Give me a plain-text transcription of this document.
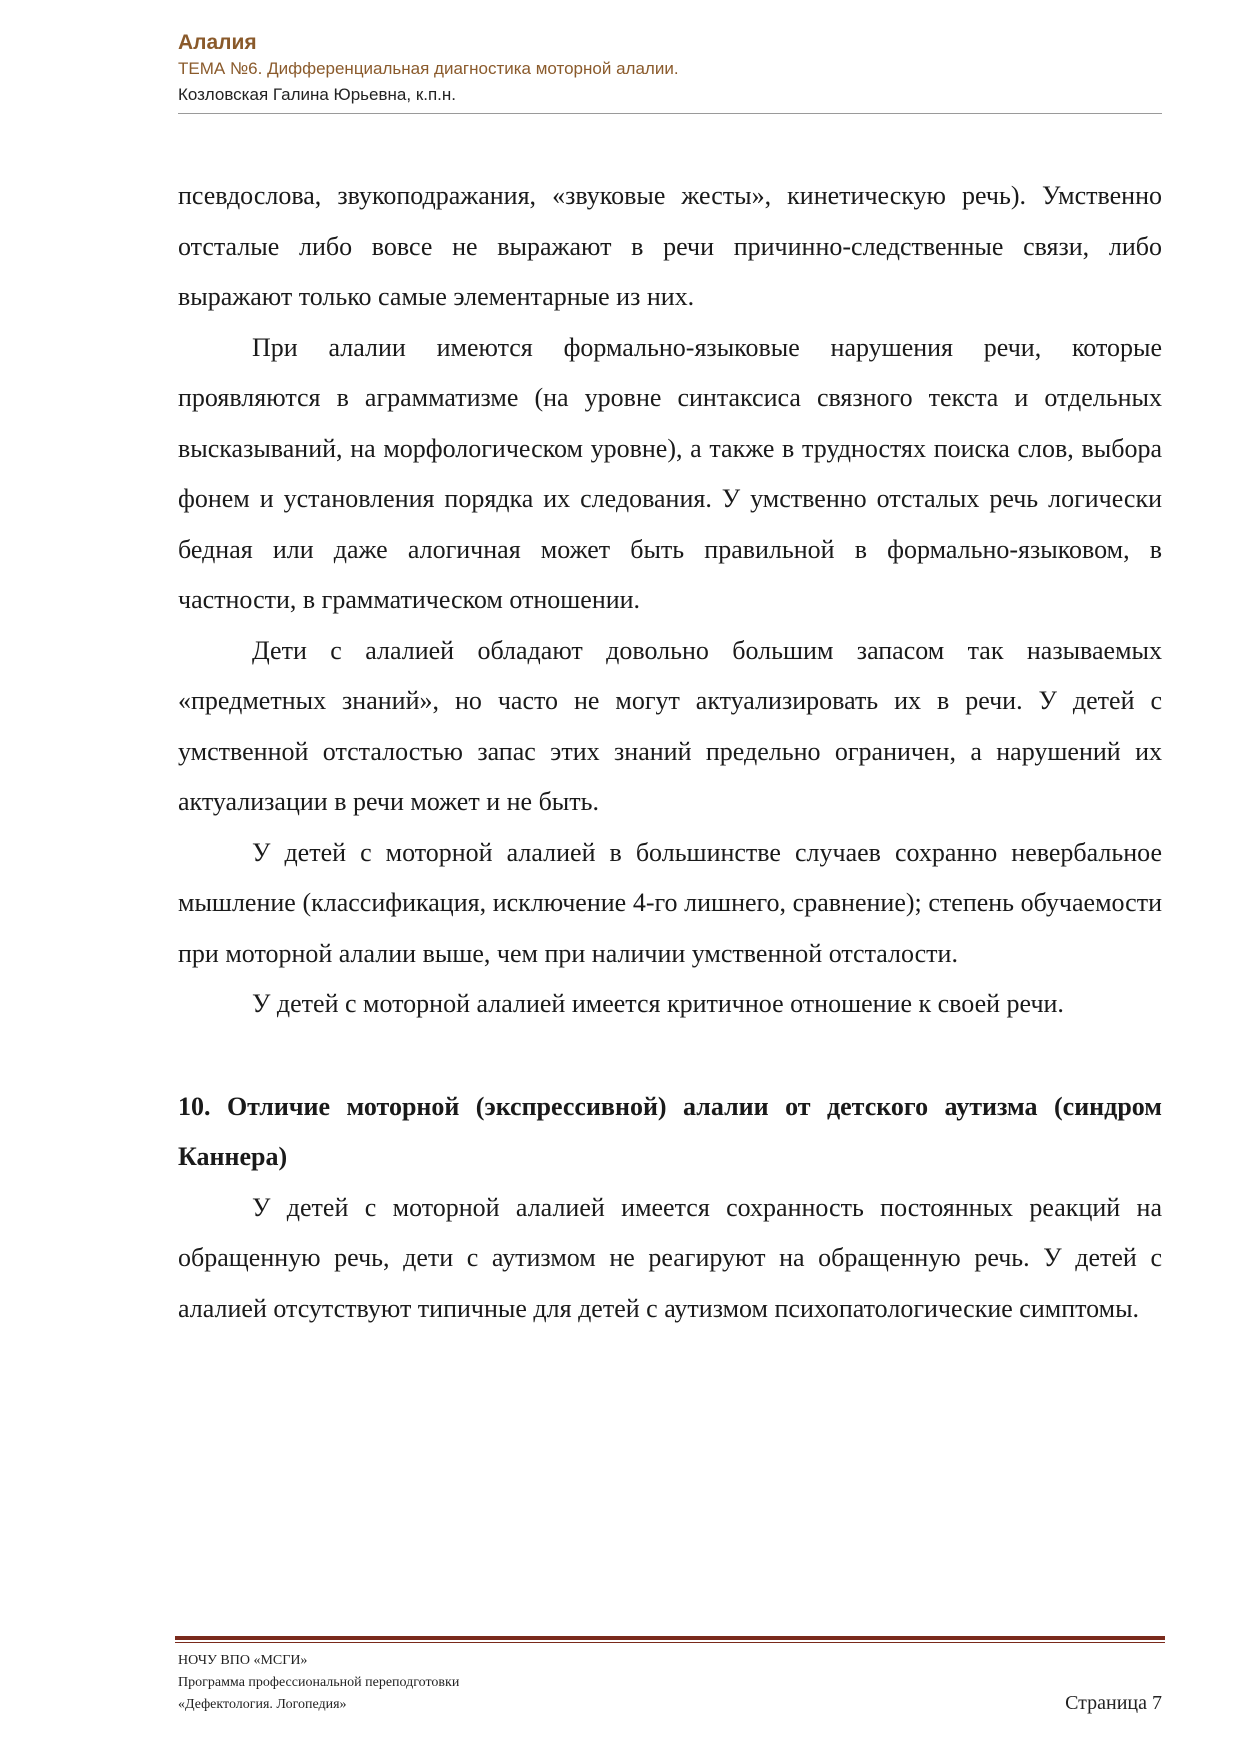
Алалия
ТЕМА №6. Дифференциальная диагностика моторной алалии.
Козловская Галина Юрьевна, к.п.н.

псевдослова, звукоподражания, «звуковые жесты», кинетическую речь). Умственно отсталые либо вовсе не выражают в речи причинно-следственные связи, либо выражают только самые элементарные из них.

При алалии имеются формально-языковые нарушения речи, которые проявляются в аграмматизме (на уровне синтаксиса связного текста и отдельных высказываний, на морфологическом уровне), а также в трудностях поиска слов, выбора фонем и установления порядка их следования. У умственно отсталых речь логически бедная или даже алогичная может быть правильной в формально-языковом, в частности, в грамматическом отношении.

Дети с алалией обладают довольно большим запасом так называемых «предметных знаний», но часто не могут актуализировать их в речи. У детей с умственной отсталостью запас этих знаний предельно ограничен, а нарушений их актуализации в речи может и не быть.

У детей с моторной алалией в большинстве случаев сохранно невербальное мышление (классификация, исключение 4-го лишнего, сравнение); степень обучаемости при моторной алалии выше, чем при наличии умственной отсталости.

У детей с моторной алалией имеется критичное отношение к своей речи.

10. Отличие моторной (экспрессивной) алалии от детского аутизма (синдром Каннера)

У детей с моторной алалией имеется сохранность постоянных реакций на обращенную речь, дети с аутизмом не реагируют на обращенную речь. У детей с алалией отсутствуют типичные для детей с аутизмом психопатологические симптомы.

НОЧУ ВПО «МСГИ»
Программа профессиональной переподготовки
«Дефектология. Логопедия»	Страница 7
